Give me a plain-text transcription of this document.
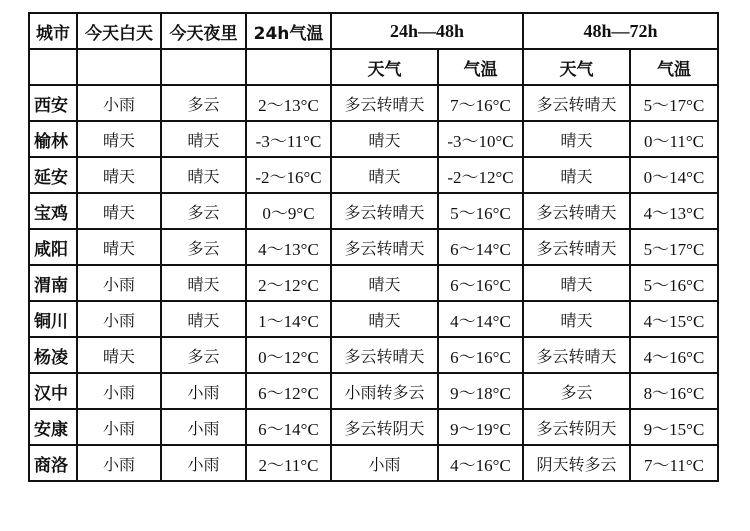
城市	今天白天	今天夜里	24h气温	24h—48h		48h—72h	
				天气	气温	天气	气温
西安	小雨	多云	2～13°C	多云转晴天	7～16°C	多云转晴天	5～17°C
榆林	晴天	晴天	-3～11°C	晴天	-3～10°C	晴天	0～11°C
延安	晴天	晴天	-2～16°C	晴天	-2～12°C	晴天	0～14°C
宝鸡	晴天	多云	0～9°C	多云转晴天	5～16°C	多云转晴天	4～13°C
咸阳	晴天	多云	4～13°C	多云转晴天	6～14°C	多云转晴天	5～17°C
渭南	小雨	晴天	2～12°C	晴天	6～16°C	晴天	5～16°C
铜川	小雨	晴天	1～14°C	晴天	4～14°C	晴天	4～15°C
杨凌	晴天	多云	0～12°C	多云转晴天	6～16°C	多云转晴天	4～16°C
汉中	小雨	小雨	6～12°C	小雨转多云	9～18°C	多云	8～16°C
安康	小雨	小雨	6～14°C	多云转阴天	9～19°C	多云转阴天	9～15°C
商洛	小雨	小雨	2～11°C	小雨	4～16°C	阴天转多云	7～11°C
